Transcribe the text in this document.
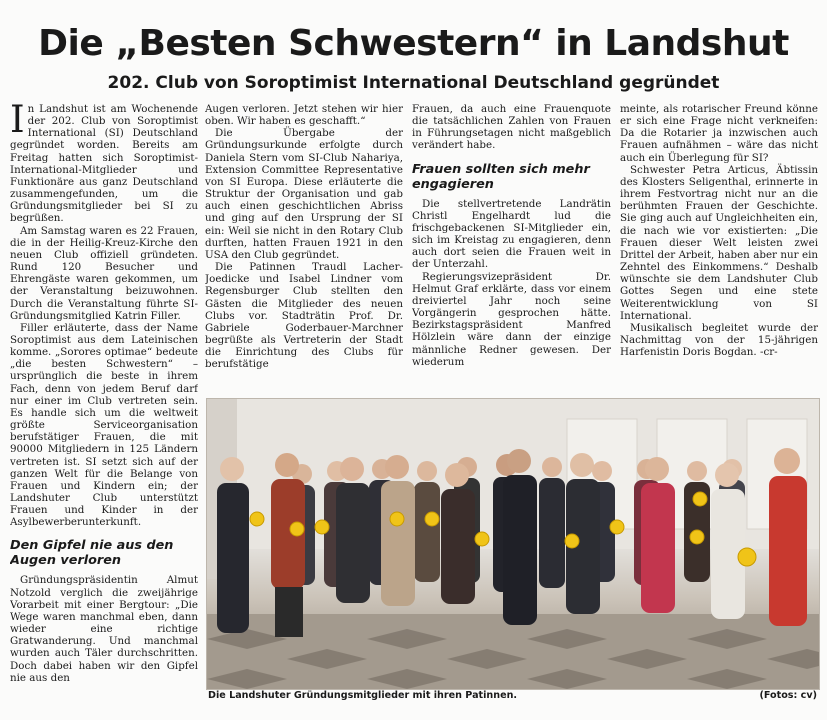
Die „Besten Schwestern“ in Landshut
202. Club von Soroptimist International Deutschland gegründet

In Landshut ist am Wochenende der 202. Club von Soroptimist International (SI) Deutschland gegründet worden. Bereits am Freitag hatten sich Soroptimist-International-Mitglieder und Funktionäre aus ganz Deutschland zusammengefunden, um die Gründungsmitglieder bei SI zu begrüßen.

Am Samstag waren es 22 Frauen, die in der Heilig-Kreuz-Kirche den neuen Club offiziell gründeten. Rund 120 Besucher und Ehrengäste waren gekommen, um der Veranstaltung beizuwohnen. Durch die Veranstaltung führte SI-Gründungsmitglied Katrin Filler.

Filler erläuterte, dass der Name Soroptimist aus dem Lateinischen komme. „Sorores optimae“ bedeute „die besten Schwestern“ – ursprünglich die beste in ihrem Fach, denn von jedem Beruf darf nur einer im Club vertreten sein. Es handle sich um die weltweit größte Serviceorganisation berufstätiger Frauen, die mit 90000 Mitgliedern in 125 Ländern vertreten ist. SI setzt sich auf der ganzen Welt für die Belange von Frauen und Kindern ein; der Landshuter Club unterstützt Frauen und Kinder in der Asylbewerberunterkunft.

Den Gipfel nie aus den Augen verloren

Gründungspräsidentin Almut Notzold verglich die zweijährige Vorarbeit mit einer Bergtour: „Die Wege waren manchmal eben, dann wieder eine richtige Gratwanderung. Und manchmal wurden auch Täler durchschritten. Doch dabei haben wir den Gipfel nie aus den

Augen verloren. Jetzt stehen wir hier oben. Wir haben es geschafft.“

Die Übergabe der Gründungsurkunde erfolgte durch Daniela Stern vom SI-Club Nahariya, Extension Committee Representative von SI Europa. Diese erläuterte die Struktur der Organisation und gab auch einen geschichtlichen Abriss und ging auf den Ursprung der SI ein: Weil sie nicht in den Rotary Club durften, hatten Frauen 1921 in den USA den Club gegründet.

Die Patinnen Traudl Lacher-Joedicke und Isabel Lindner vom Regensburger Club stellten den Gästen die Mitglieder des neuen Clubs vor. Stadträtin Prof. Dr. Gabriele Goderbauer-Marchner begrüßte als Vertreterin der Stadt die Einrichtung des Clubs für berufstätige

Frauen, da auch eine Frauenquote die tatsächlichen Zahlen von Frauen in Führungsetagen nicht maßgeblich verändert habe.

Frauen sollten sich mehr engagieren

Die stellvertretende Landrätin Christl Engelhardt lud die frischgebackenen SI-Mitglieder ein, sich im Kreistag zu engagieren, denn auch dort seien die Frauen weit in der Unterzahl.

Regierungsvizepräsident Dr. Helmut Graf erklärte, dass vor einem dreiviertel Jahr noch seine Vorgängerin gesprochen hätte. Bezirkstagspräsident Manfred Hölzlein wäre dann der einzige männliche Redner gewesen. Der wiederum

meinte, als rotarischer Freund könne er sich eine Frage nicht verkneifen: Da die Rotarier ja inzwischen auch Frauen aufnähmen – wäre das nicht auch ein Überlegung für SI?

Schwester Petra Articus, Äbtissin des Klosters Seligenthal, erinnerte in ihrem Festvortrag nicht nur an die berühmten Frauen der Geschichte. Sie ging auch auf Ungleichheiten ein, die nach wie vor existierten: „Die Frauen dieser Welt leisten zwei Drittel der Arbeit, haben aber nur ein Zehntel des Einkommens.“ Deshalb wünschte sie dem Landshuter Club Gottes Segen und eine stete Weiterentwicklung von SI International.

Musikalisch begleitet wurde der Nachmittag von der 15-jährigen Harfenistin Doris Bogdan. -cr-

Die Landshuter Gründungsmitglieder mit ihren Patinnen.	(Fotos: cv)
